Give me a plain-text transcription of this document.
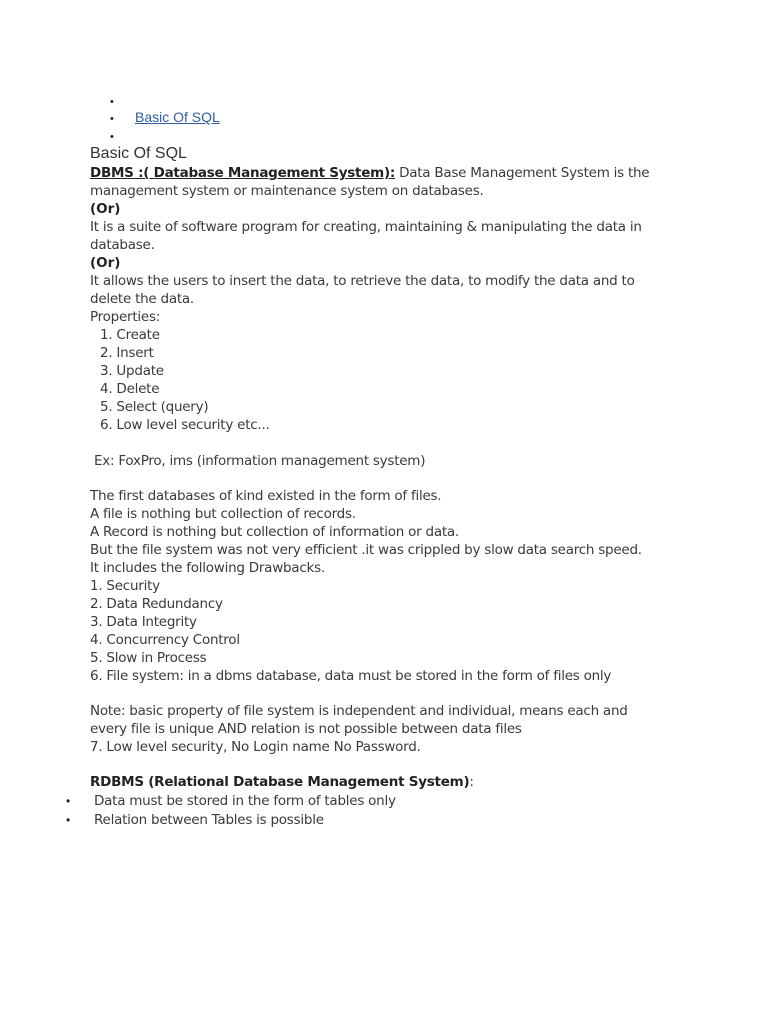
•
• Basic Of SQL
•
Basic Of SQL
DBMS :( Database Management System): Data Base Management System is the
management system or maintenance system on databases.
(Or)
It is a suite of software program for creating, maintaining & manipulating the data in
database.
(Or)
It allows the users to insert the data, to retrieve the data, to modify the data and to
delete the data.
Properties:
1. Create
2. Insert
3. Update
4. Delete
5. Select (query)
6. Low level security etc...
Ex: FoxPro, ims (information management system)
The first databases of kind existed in the form of files.
A file is nothing but collection of records.
A Record is nothing but collection of information or data.
But the file system was not very efficient .it was crippled by slow data search speed.
It includes the following Drawbacks.
1. Security
2. Data Redundancy
3. Data Integrity
4. Concurrency Control
5. Slow in Process
6. File system: in a dbms database, data must be stored in the form of files only
Note: basic property of file system is independent and individual, means each and
every file is unique AND relation is not possible between data files
7. Low level security, No Login name No Password.
RDBMS (Relational Database Management System):
• Data must be stored in the form of tables only
• Relation between Tables is possible
